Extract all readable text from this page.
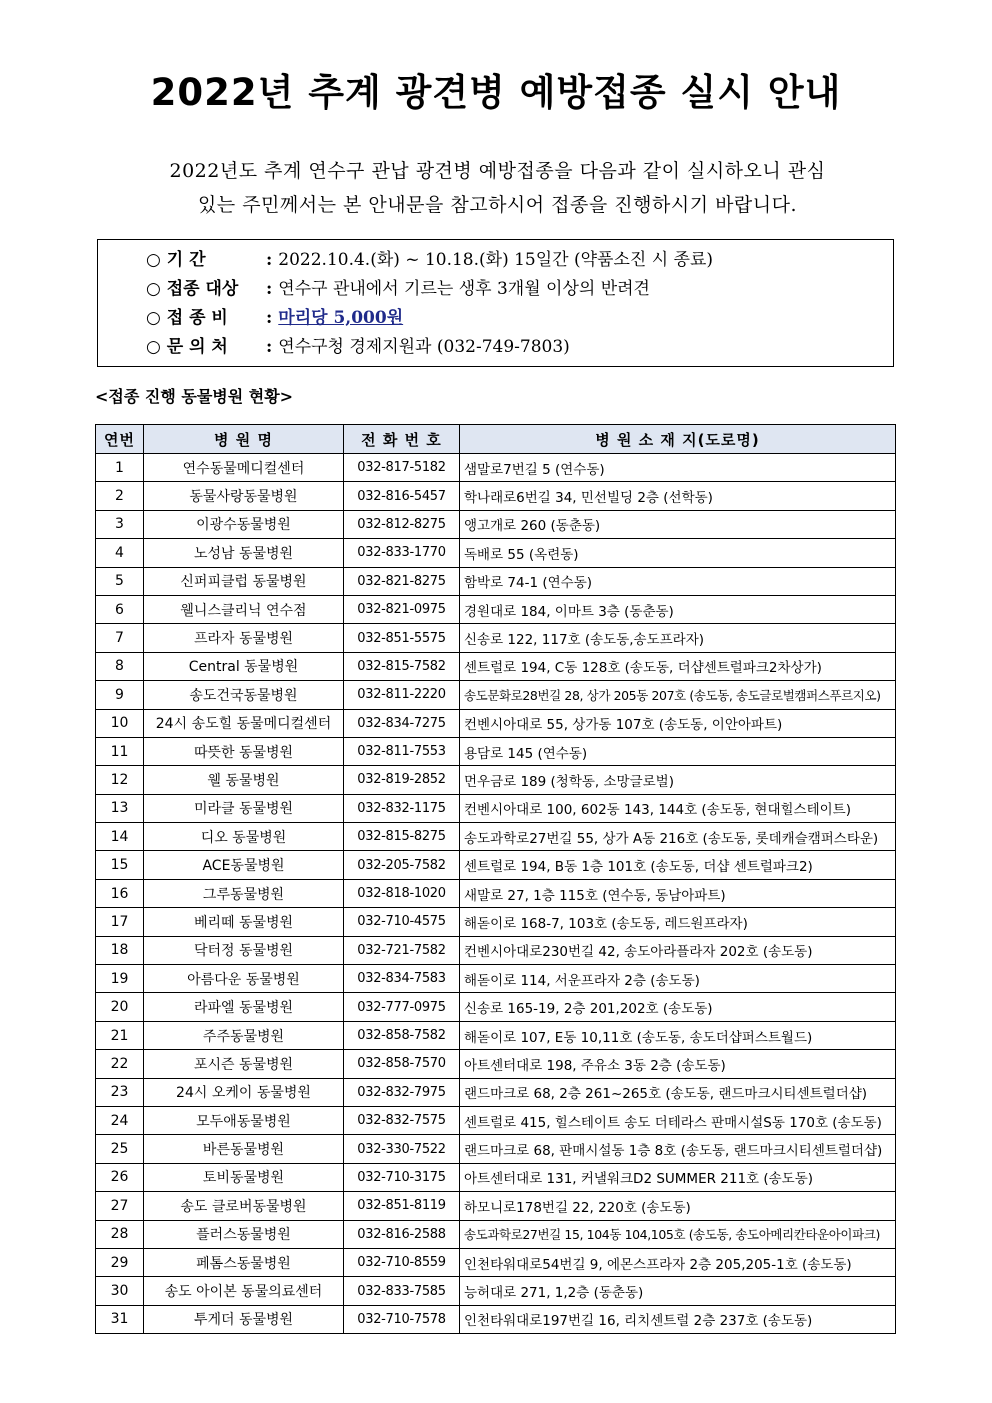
2022년 추계 광견병 예방접종 실시 안내
2022년도 추계 연수구 관납 광견병 예방접종을 다음과 같이 실시하오니 관심
있는 주민께서는 본 안내문을 참고하시어 접종을 진행하시기 바랍니다.
○ 기 간	: 2022.10.4.(화) ~ 10.18.(화) 15일간 (약품소진 시 종료)
○ 접종 대상 : 연수구 관내에서 기르는 생후 3개월 이상의 반려견
○ 접 종 비 : 마리당 5,000원
○ 문 의 처 : 연수구청 경제지원과 (032-749-7803)
<접종 진행 동물병원 현황>
연번	병 원 명	전 화 번 호	병 원 소 재 지(도로명)
1	연수동물메디컬센터	032-817-5182	샘말로7번길 5 (연수동)
2	동물사랑동물병원	032-816-5457	학나래로6번길 34, 민선빌딩 2층 (선학동)
3	이광수동물병원	032-812-8275	앵고개로 260 (동춘동)
4	노성남 동물병원	032-833-1770	독배로 55 (옥련동)
5	신퍼피클럽 동물병원	032-821-8275	함박로 74-1 (연수동)
6	웰니스클리닉 연수점	032-821-0975	경원대로 184, 이마트 3층 (동춘동)
7	프라자 동물병원	032-851-5575	신송로 122, 117호 (송도동,송도프라자)
8	Central 동물병원	032-815-7582	센트럴로 194, C동 128호 (송도동, 더샵센트럴파크2차상가)
9	송도건국동물병원	032-811-2220	송도문화로28번길 28, 상가 205동 207호 (송도동, 송도글로벌캠퍼스푸르지오)
10	24시 송도힐 동물메디컬센터	032-834-7275	컨벤시아대로 55, 상가동 107호 (송도동, 이안아파트)
11	따뜻한 동물병원	032-811-7553	용담로 145 (연수동)
12	웰 동물병원	032-819-2852	먼우금로 189 (청학동, 소망글로벌)
13	미라클 동물병원	032-832-1175	컨벤시아대로 100, 602동 143, 144호 (송도동, 현대힐스테이트)
14	디오 동물병원	032-815-8275	송도과학로27번길 55, 상가 A동 216호 (송도동, 롯데캐슬캠퍼스타운)
15	ACE동물병원	032-205-7582	센트럴로 194, B동 1층 101호 (송도동, 더샵 센트럴파크2)
16	그루동물병원	032-818-1020	새말로 27, 1층 115호 (연수동, 동남아파트)
17	베리떼 동물병원	032-710-4575	해돋이로 168-7, 103호 (송도동, 레드원프라자)
18	닥터정 동물병원	032-721-7582	컨벤시아대로230번길 42, 송도아라플라자 202호 (송도동)
19	아름다운 동물병원	032-834-7583	해돋이로 114, 서운프라자 2층 (송도동)
20	라파엘 동물병원	032-777-0975	신송로 165-19, 2층 201,202호 (송도동)
21	주주동물병원	032-858-7582	해돋이로 107, E동 10,11호 (송도동, 송도더샵퍼스트월드)
22	포시즌 동물병원	032-858-7570	아트센터대로 198, 주유소 3동 2층 (송도동)
23	24시 오케이 동물병원	032-832-7975	랜드마크로 68, 2층 261~265호 (송도동, 랜드마크시티센트럴더샵)
24	모두애동물병원	032-832-7575	센트럴로 415, 힐스테이트 송도 더테라스 판매시설S동 170호 (송도동)
25	바른동물병원	032-330-7522	랜드마크로 68, 판매시설동 1층 8호 (송도동, 랜드마크시티센트럴더샵)
26	토비동물병원	032-710-3175	아트센터대로 131, 커낼워크D2 SUMMER 211호 (송도동)
27	송도 클로버동물병원	032-851-8119	하모니로178번길 22, 220호 (송도동)
28	플러스동물병원	032-816-2588	송도과학로27번길 15, 104동 104,105호 (송도동, 송도아메리칸타운아이파크)
29	페톰스동물병원	032-710-8559	인천타워대로54번길 9, 에몬스프라자 2층 205,205-1호 (송도동)
30	송도 아이본 동물의료센터	032-833-7585	능허대로 271, 1,2층 (동춘동)
31	투게더 동물병원	032-710-7578	인천타워대로197번길 16, 리치센트럴 2층 237호 (송도동)
